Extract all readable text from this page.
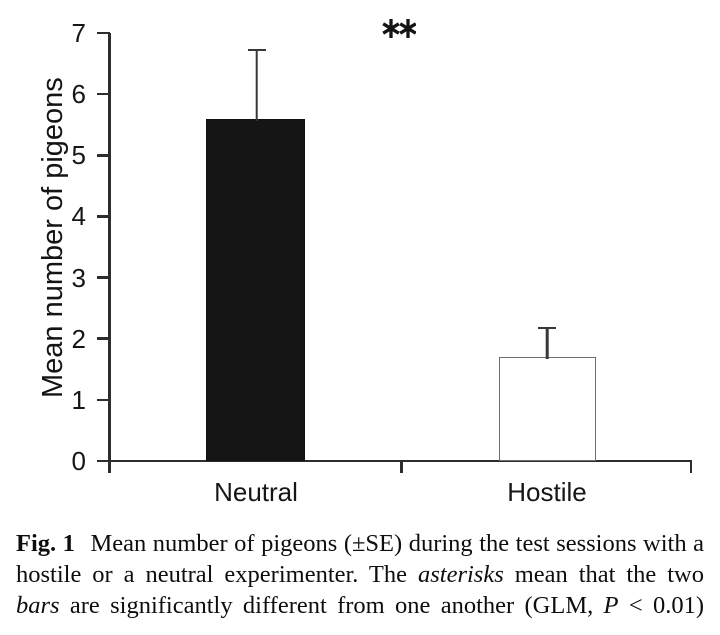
Mean number of pigeons
0
1
2
3
4
5
6
7
Neutral	Hostile
Fig. 1 Mean number of pigeons (±SE) during the test sessions with a
hostile or a neutral experimenter. The asterisks mean that the two
bars are significantly different from one another (GLM, P < 0.01)
